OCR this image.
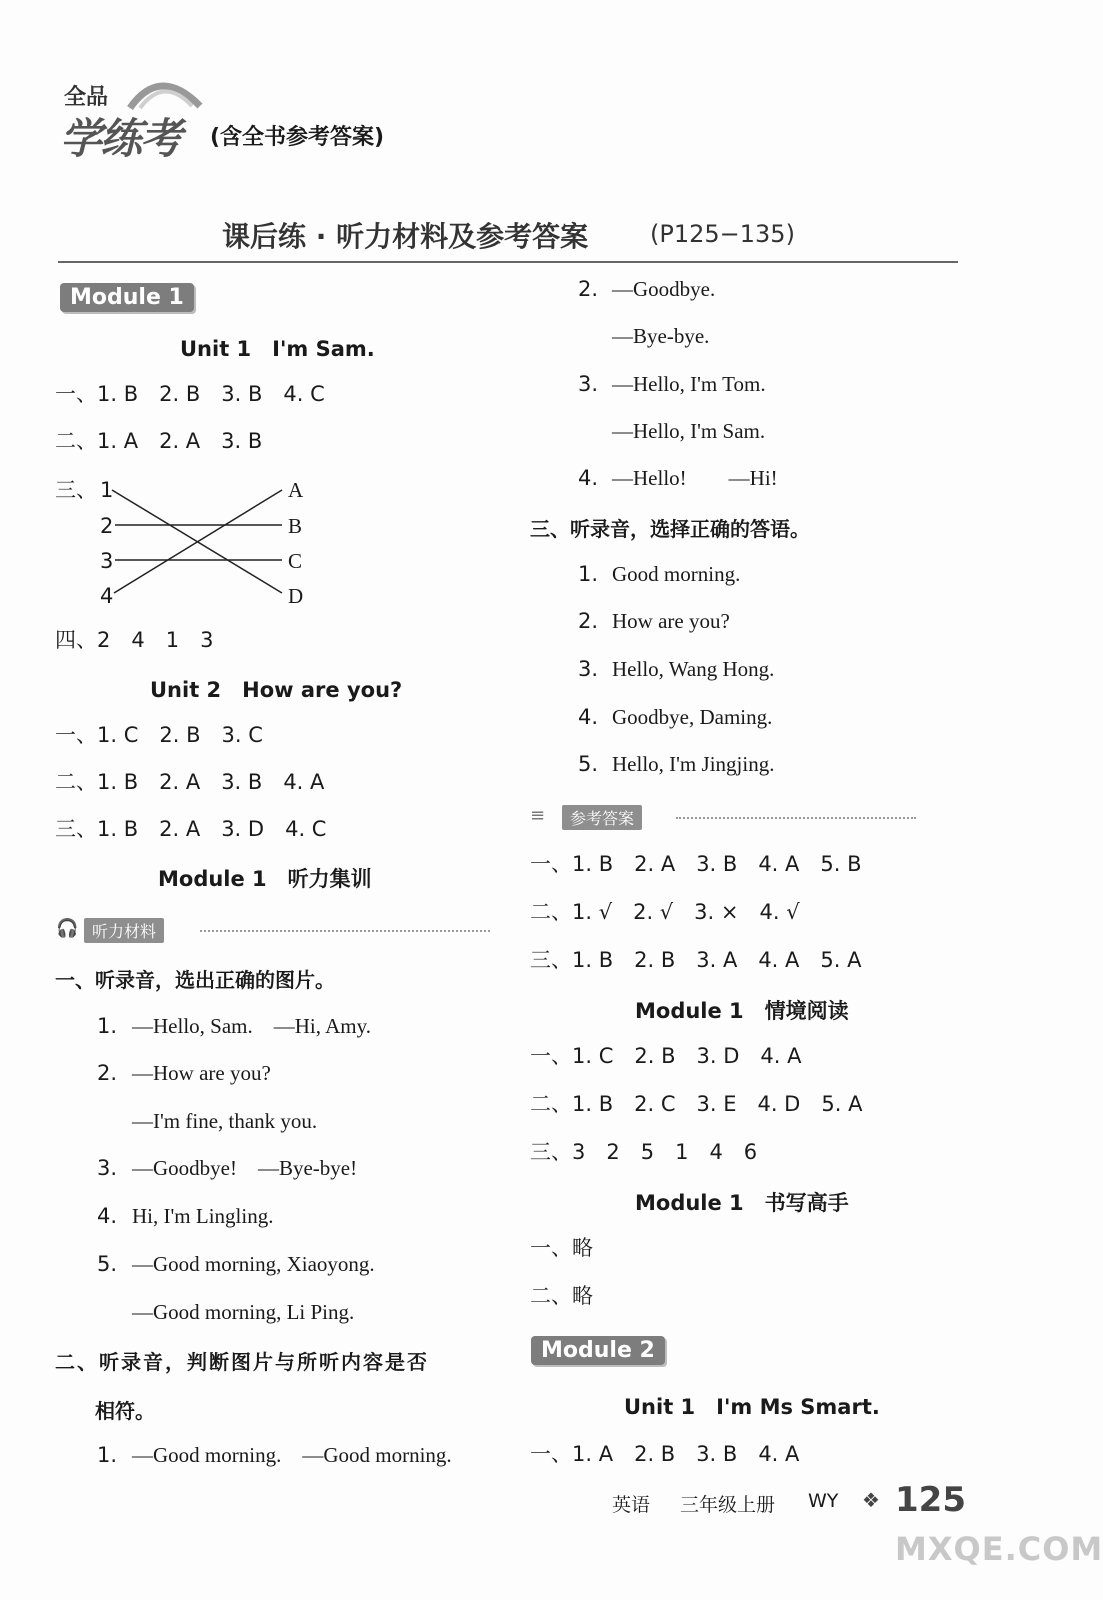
全品
学练考 (含全书参考答案)
课后练 · 听力材料及参考答案	(P125−135)
Module 1
Unit 1　I'm Sam.
一、1. B　2. B　3. B　4. C
二、1. A　2. A　3. B
三、 1
2
3
4
A
B
C
D
四、2　4　1　3
Unit 2　How are you?
一、1. C　2. B　3. C
二、1. B　2. A　3. B　4. A
三、1. B　2. A　3. D　4. C
Module 1　听力集训
🎧 听力材料
一、听录音，选出正确的图片。
1. —Hello, Sam.　—Hi, Amy.
2. —How are you?
—I'm fine, thank you.
3. —Goodbye!　—Bye-bye!
4. Hi, I'm Lingling.
5. —Good morning, Xiaoyong.
—Good morning, Li Ping.
二、听录音，判断图片与所听内容是否
相符。
1. —Good morning.　—Good morning.
2. —Goodbye.
—Bye-bye.
3. —Hello, I'm Tom.
—Hello, I'm Sam.
4. —Hello!　　—Hi!
三、听录音，选择正确的答语。
1. Good morning.
2. How are you?
3. Hello, Wang Hong.
4. Goodbye, Daming.
5. Hello, I'm Jingjing.
≡	参考答案
一、1. B　2. A　3. B　4. A　5. B
二、1. √　2. √　3. ×　4. √
三、1. B　2. B　3. A　4. A　5. A
Module 1　情境阅读
一、1. C　2. B　3. D　4. A
二、1. B　2. C　3. E　4. D　5. A
三、3　2　5　1　4　6
Module 1　书写高手
一、略
二、略
Module 2
Unit 1　I'm Ms Smart.
一、1. A　2. B　3. B　4. A
英语 三年级上册 WY ❖ 125
MXQE.COM
